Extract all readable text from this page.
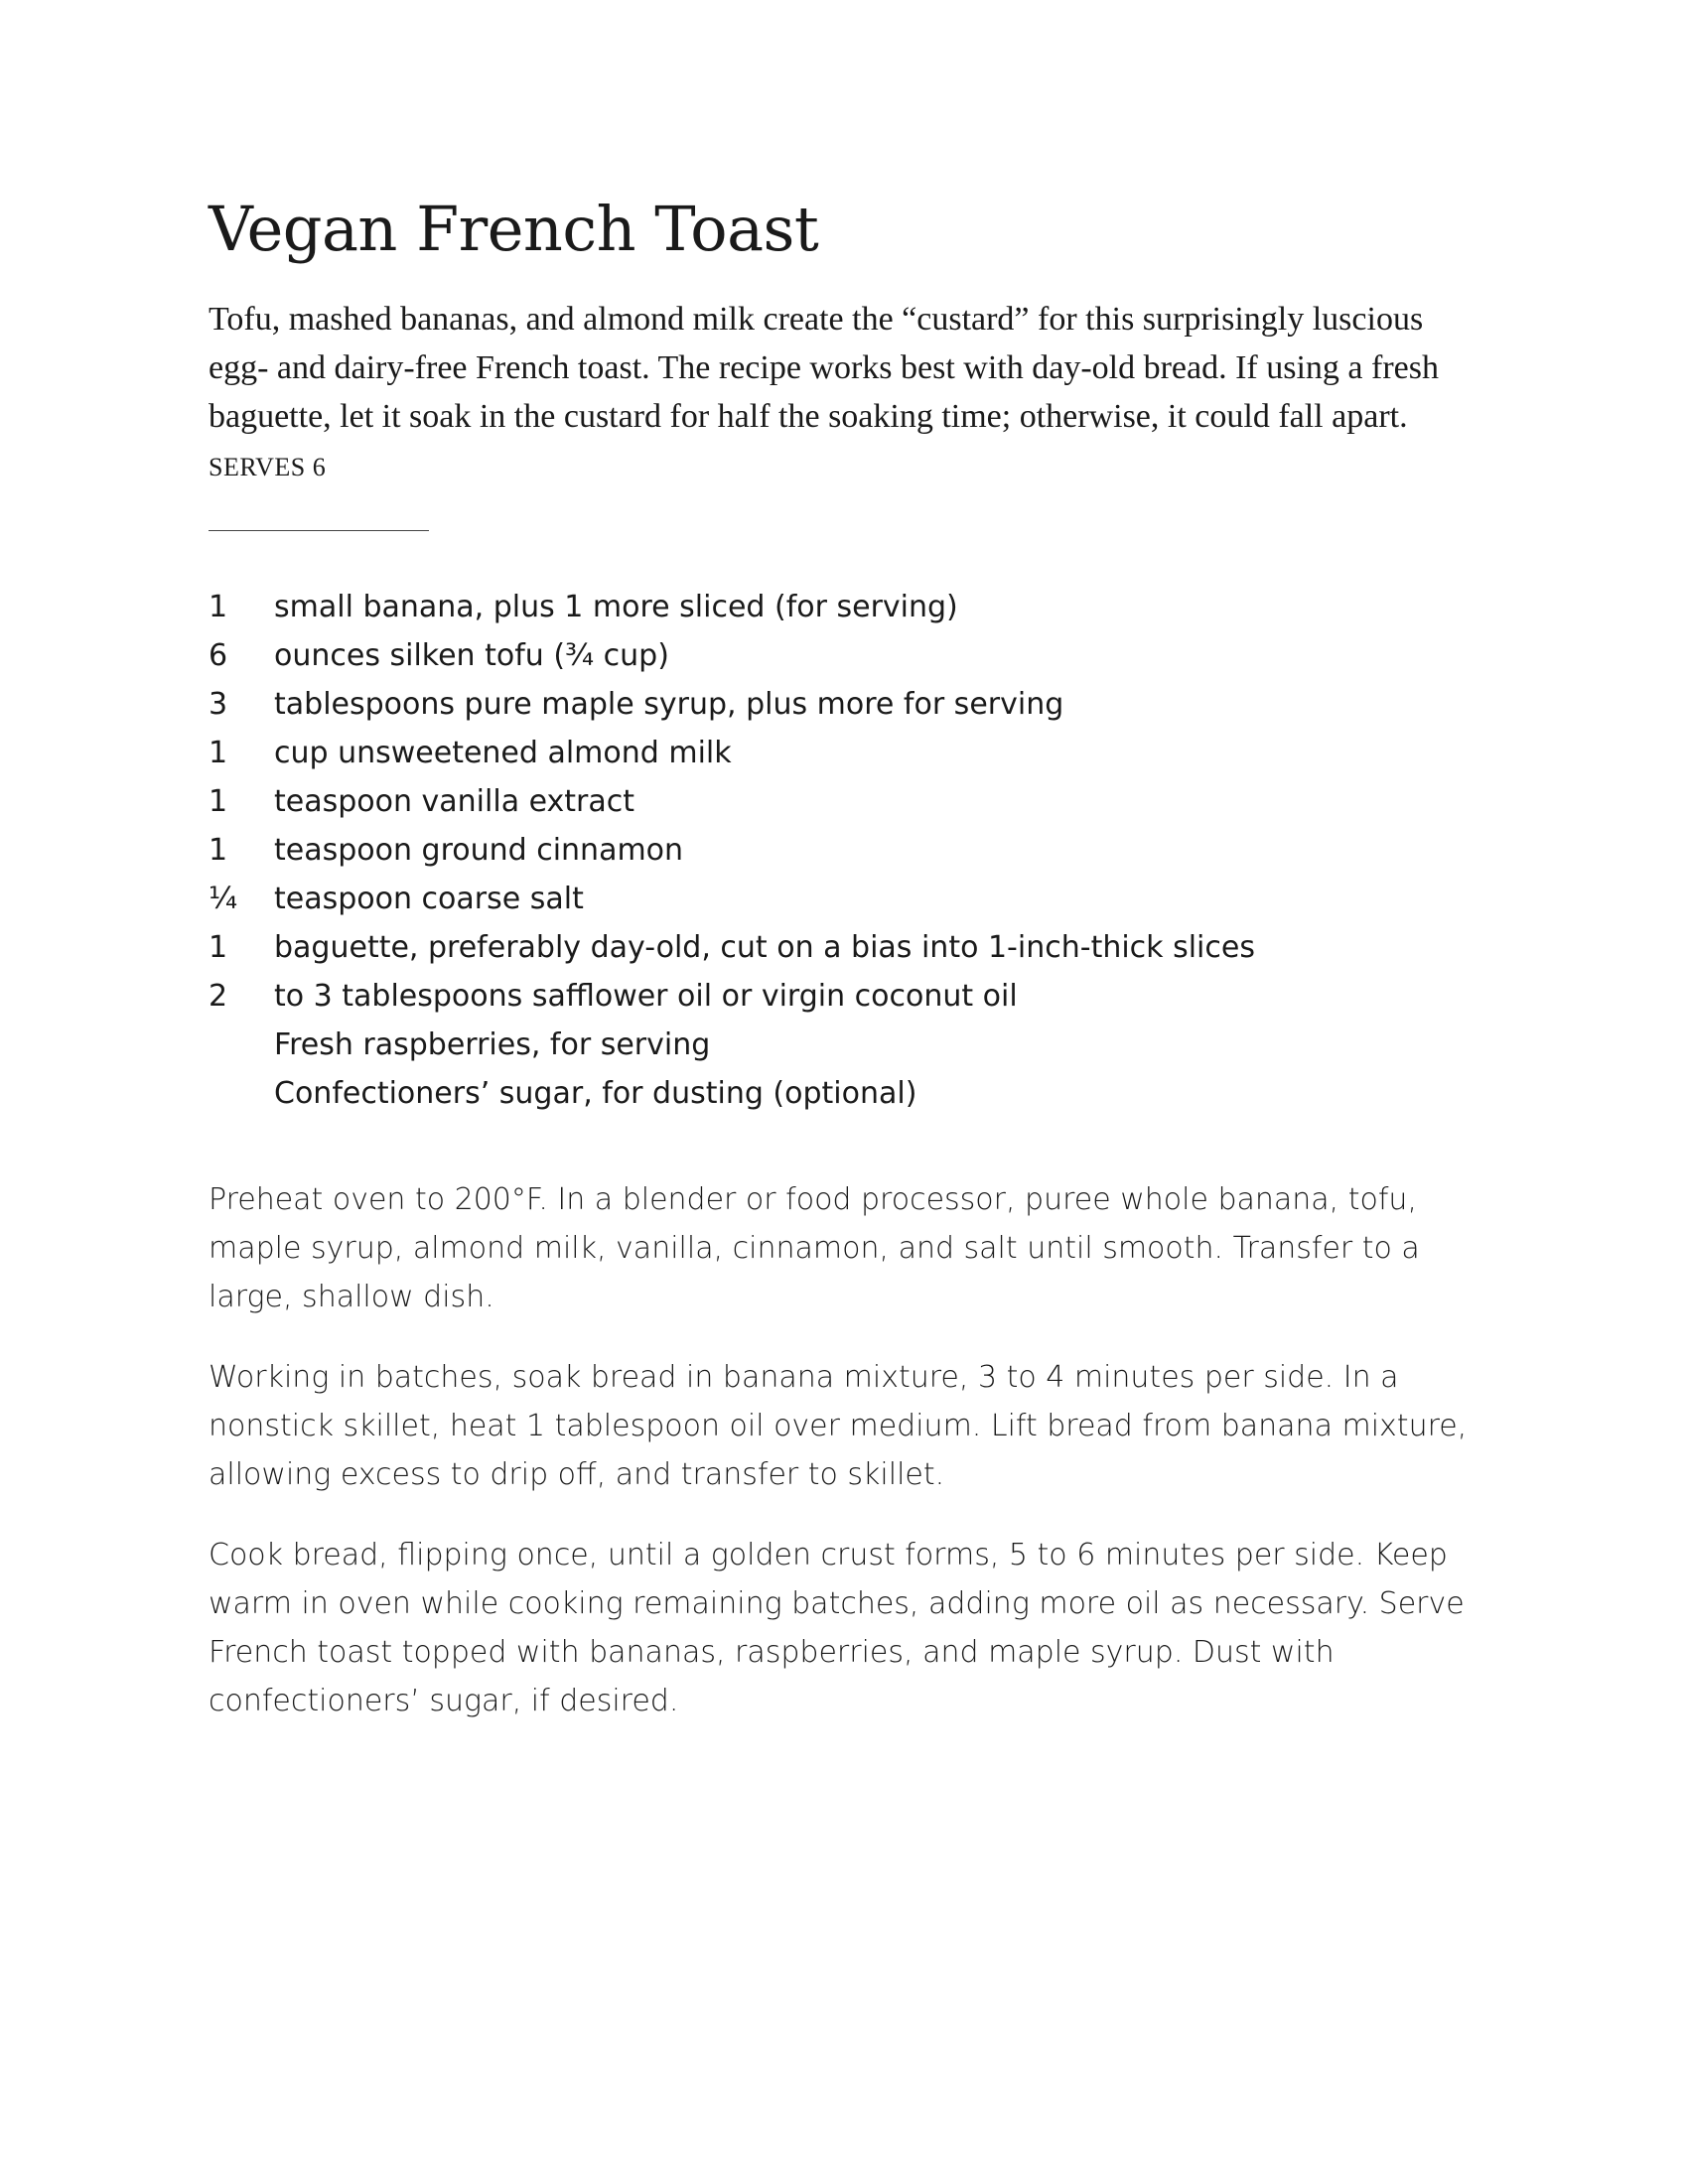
Vegan French Toast

Tofu, mashed bananas, and almond milk create the “custard” for this surprisingly luscious egg- and dairy-free French toast. The recipe works best with day-old bread. If using a fresh baguette, let it soak in the custard for half the soaking time; otherwise, it could fall apart. SERVES 6

1	small banana, plus 1 more sliced (for serving)
6	ounces silken tofu (¾ cup)
3	tablespoons pure maple syrup, plus more for serving
1	cup unsweetened almond milk
1	teaspoon vanilla extract
1	teaspoon ground cinnamon
¼	teaspoon coarse salt
1	baguette, preferably day-old, cut on a bias into 1-inch-thick slices
2	to 3 tablespoons safflower oil or virgin coconut oil
Fresh raspberries, for serving
Confectioners’ sugar, for dusting (optional)

Preheat oven to 200°F. In a blender or food processor, puree whole banana, tofu, maple syrup, almond milk, vanilla, cinnamon, and salt until smooth. Transfer to a large, shallow dish.

Working in batches, soak bread in banana mixture, 3 to 4 minutes per side. In a nonstick skillet, heat 1 tablespoon oil over medium. Lift bread from banana mixture, allowing excess to drip off, and transfer to skillet.

Cook bread, flipping once, until a golden crust forms, 5 to 6 minutes per side. Keep warm in oven while cooking remaining batches, adding more oil as necessary. Serve French toast topped with bananas, raspberries, and maple syrup. Dust with confectioners’ sugar, if desired.
